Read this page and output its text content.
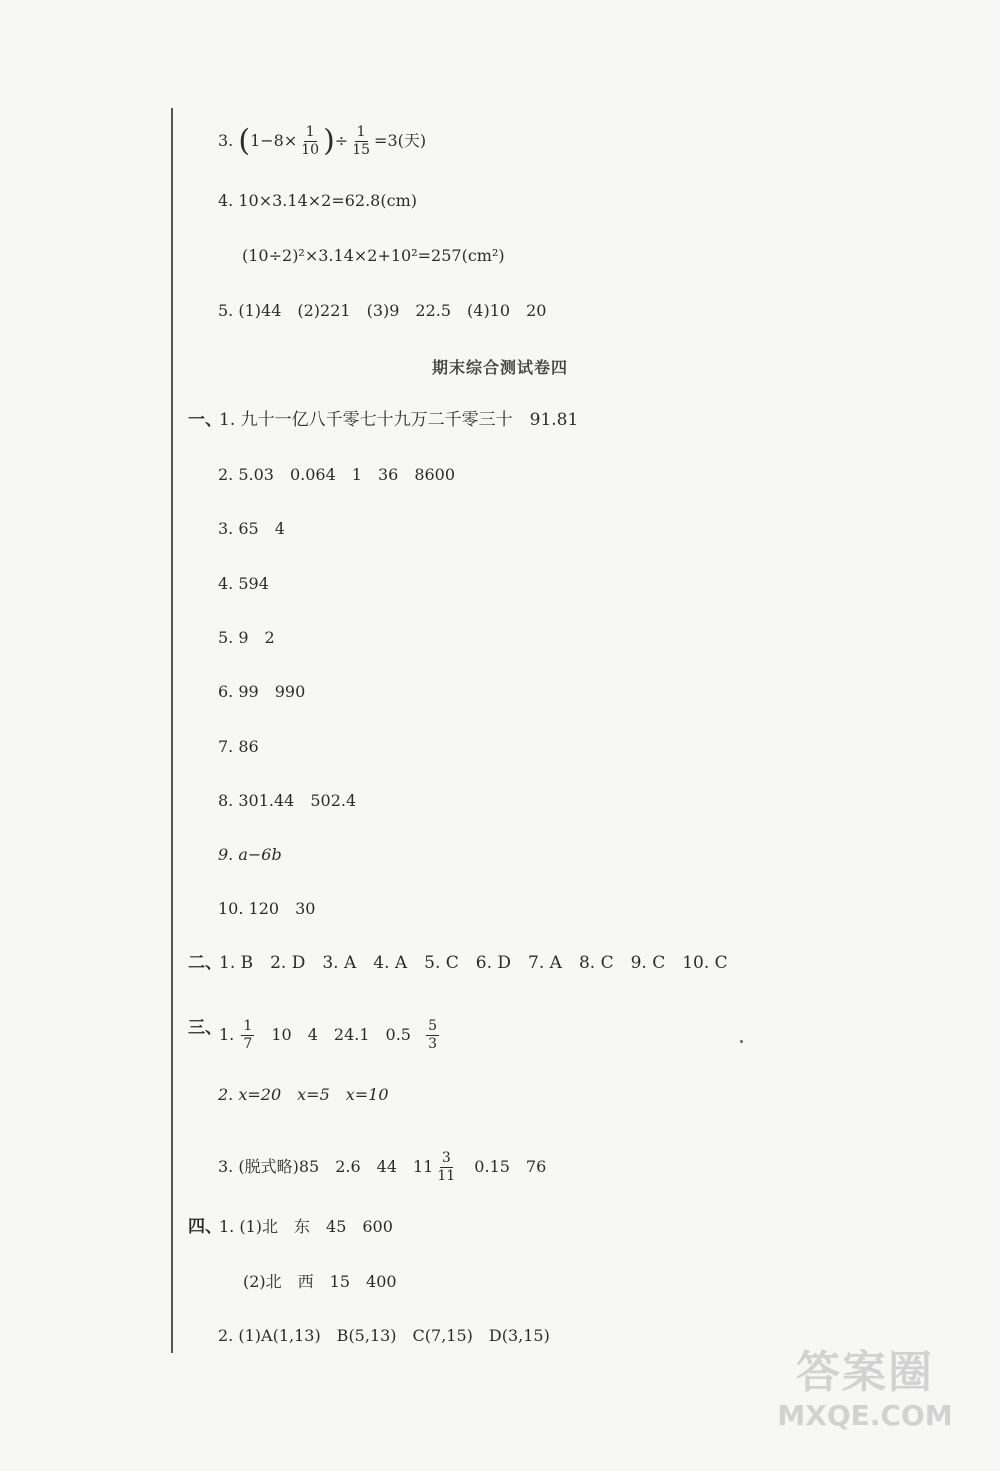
3. ($1-8\times \frac{1}{10}$ )÷ $\frac{1}{15} =3$(天)
4. 10×3.14×2=62.8(cm)
(10÷2)²×3.14×2+10²=257(cm²)
5. (1)44　(2)221　(3)9　22.5　(4)10　20
期末综合测试卷四
一、
1. 九十一亿八千零七十九万二千零三十　91.81
2. 5.03　0.064　1　36　8600
3. 65　4
4. 594
5. 9　2
6. 99　990
7. 86
8. 301.44　502.4
9. a−6b
10. 120　30
二、
1. B　2. D　3. A　4. A　5. C　6. D　7. A　8. C　9. C　10. C
三、
1. $\frac{1}{7} 10$　4　24.1　$0.5 \frac{5}{3}$
2. x=20　x=5　x=10
3. (脱式略)85　2.6　44　$11 \frac{3}{11} 0.15$　76
四、
1. (1)北　东　45　600
(2)北　西　15　400
2. (1)A(1,13)　B(5,13)　C(7,15)　D(3,15)
答案圈
MXQE.COM
